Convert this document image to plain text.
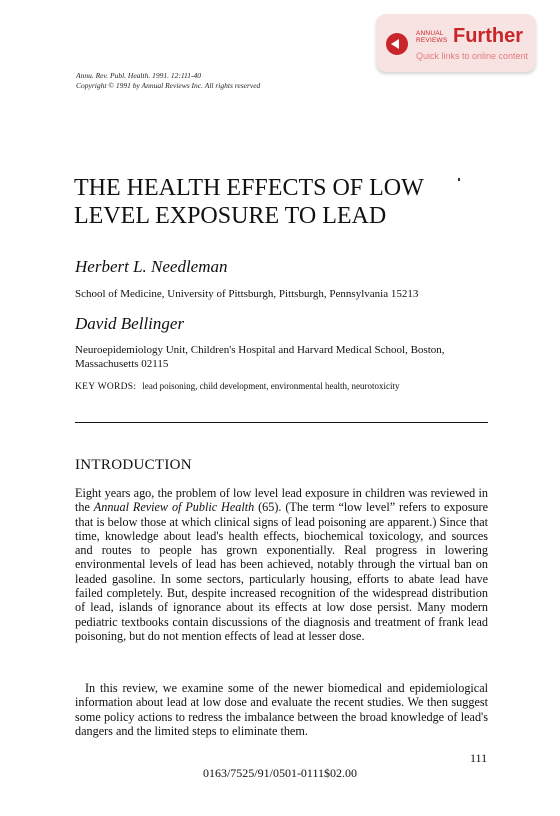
ANNUAL
REVIEWS Further
Quick links to online content
Annu. Rev. Publ. Health. 1991. 12:111-40
Copyright © 1991 by Annual Reviews Inc. All rights reserved
THE HEALTH EFFECTS OF LOW LEVEL EXPOSURE TO LEAD
Herbert L. Needleman
School of Medicine, University of Pittsburgh, Pittsburgh, Pennsylvania 15213
David Bellinger
Neuroepidemiology Unit, Children's Hospital and Harvard Medical School, Boston, Massachusetts 02115
KEY WORDS: lead poisoning, child development, environmental health, neurotoxicity
INTRODUCTION

Eight years ago, the problem of low level lead exposure in children was reviewed in the Annual Review of Public Health (65). (The term “low level” refers to exposure that is below those at which clinical signs of lead poisoning are apparent.) Since that time, knowledge about lead's health effects, biochemical toxicology, and sources and routes to people has grown exponentially. Real progress in lowering environmental levels of lead has been achieved, notably through the virtual ban on leaded gasoline. In some sectors, particularly housing, efforts to abate lead have failed completely. But, despite increased recognition of the widespread distribution of lead, islands of ignorance about its effects at low dose persist. Many modern pediatric textbooks contain discussions of the diagnosis and treatment of frank lead poisoning, but do not mention effects of lead at lesser dose.

In this review, we examine some of the newer biomedical and epidemiological information about lead at low dose and evaluate the recent studies. We then suggest some policy actions to redress the imbalance between the broad knowledge of lead's dangers and the limited steps to eliminate them.

111
0163/7525/91/0501-0111$02.00
